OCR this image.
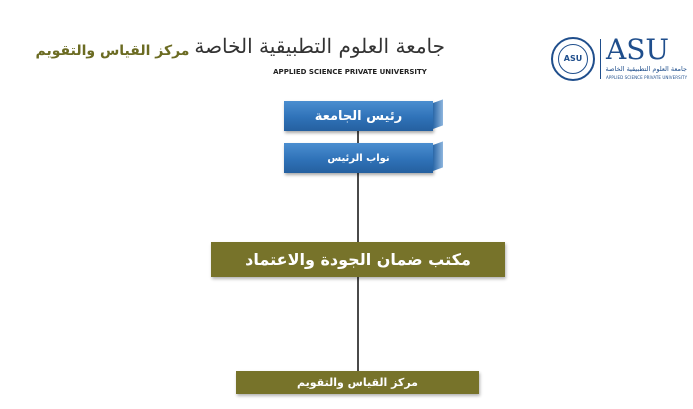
مركز القياس والتقويم جامعة العلوم التطبيقية الخاصة
APPLIED SCIENCE PRIVATE UNIVERSITY
ASU ASU
جامعة العلوم التطبيقية الخاصة
APPLIED SCIENCE PRIVATE UNIVERSITY
رئيس الجامعة
نواب الرئيس
مكتب ضمان الجودة والاعتماد
مركز القياس والتقويم
